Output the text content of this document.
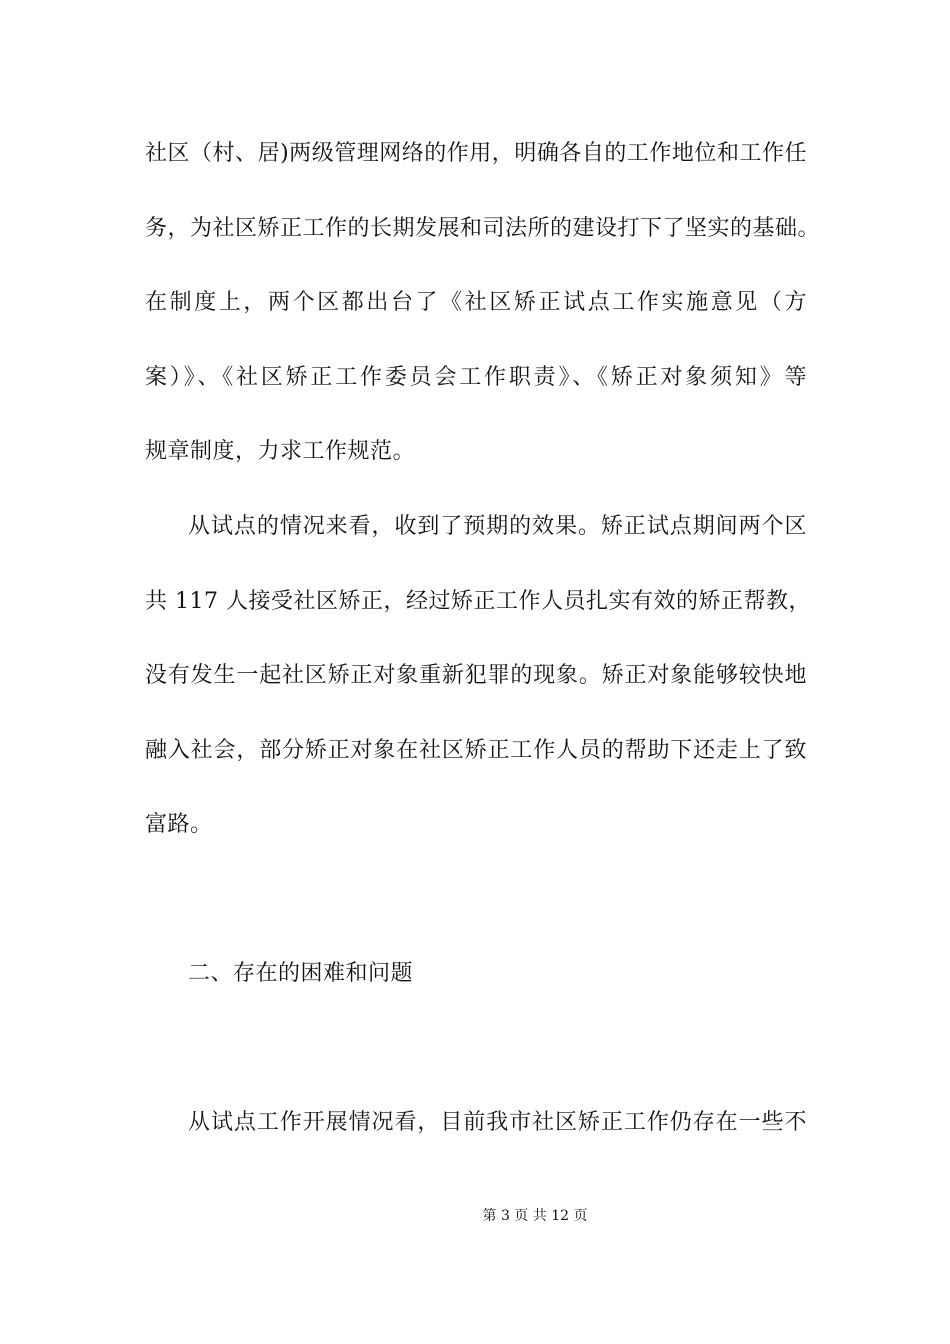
社区（村、居)两级管理网络的作用，明确各自的工作地位和工作任
务，为社区矫正工作的长期发展和司法所的建设打下了坚实的基础。
在制度上，两个区都出台了《社区矫正试点工作实施意见（方
案）》、《社区矫正工作委员会工作职责》、《矫正对象须知》等
规章制度，力求工作规范。
从试点的情况来看，收到了预期的效果。矫正试点期间两个区
共 117 人接受社区矫正，经过矫正工作人员扎实有效的矫正帮教，
没有发生一起社区矫正对象重新犯罪的现象。矫正对象能够较快地
融入社会，部分矫正对象在社区矫正工作人员的帮助下还走上了致
富路。
二、存在的困难和问题
从试点工作开展情况看，目前我市社区矫正工作仍存在一些不
第 3 页 共 12 页
